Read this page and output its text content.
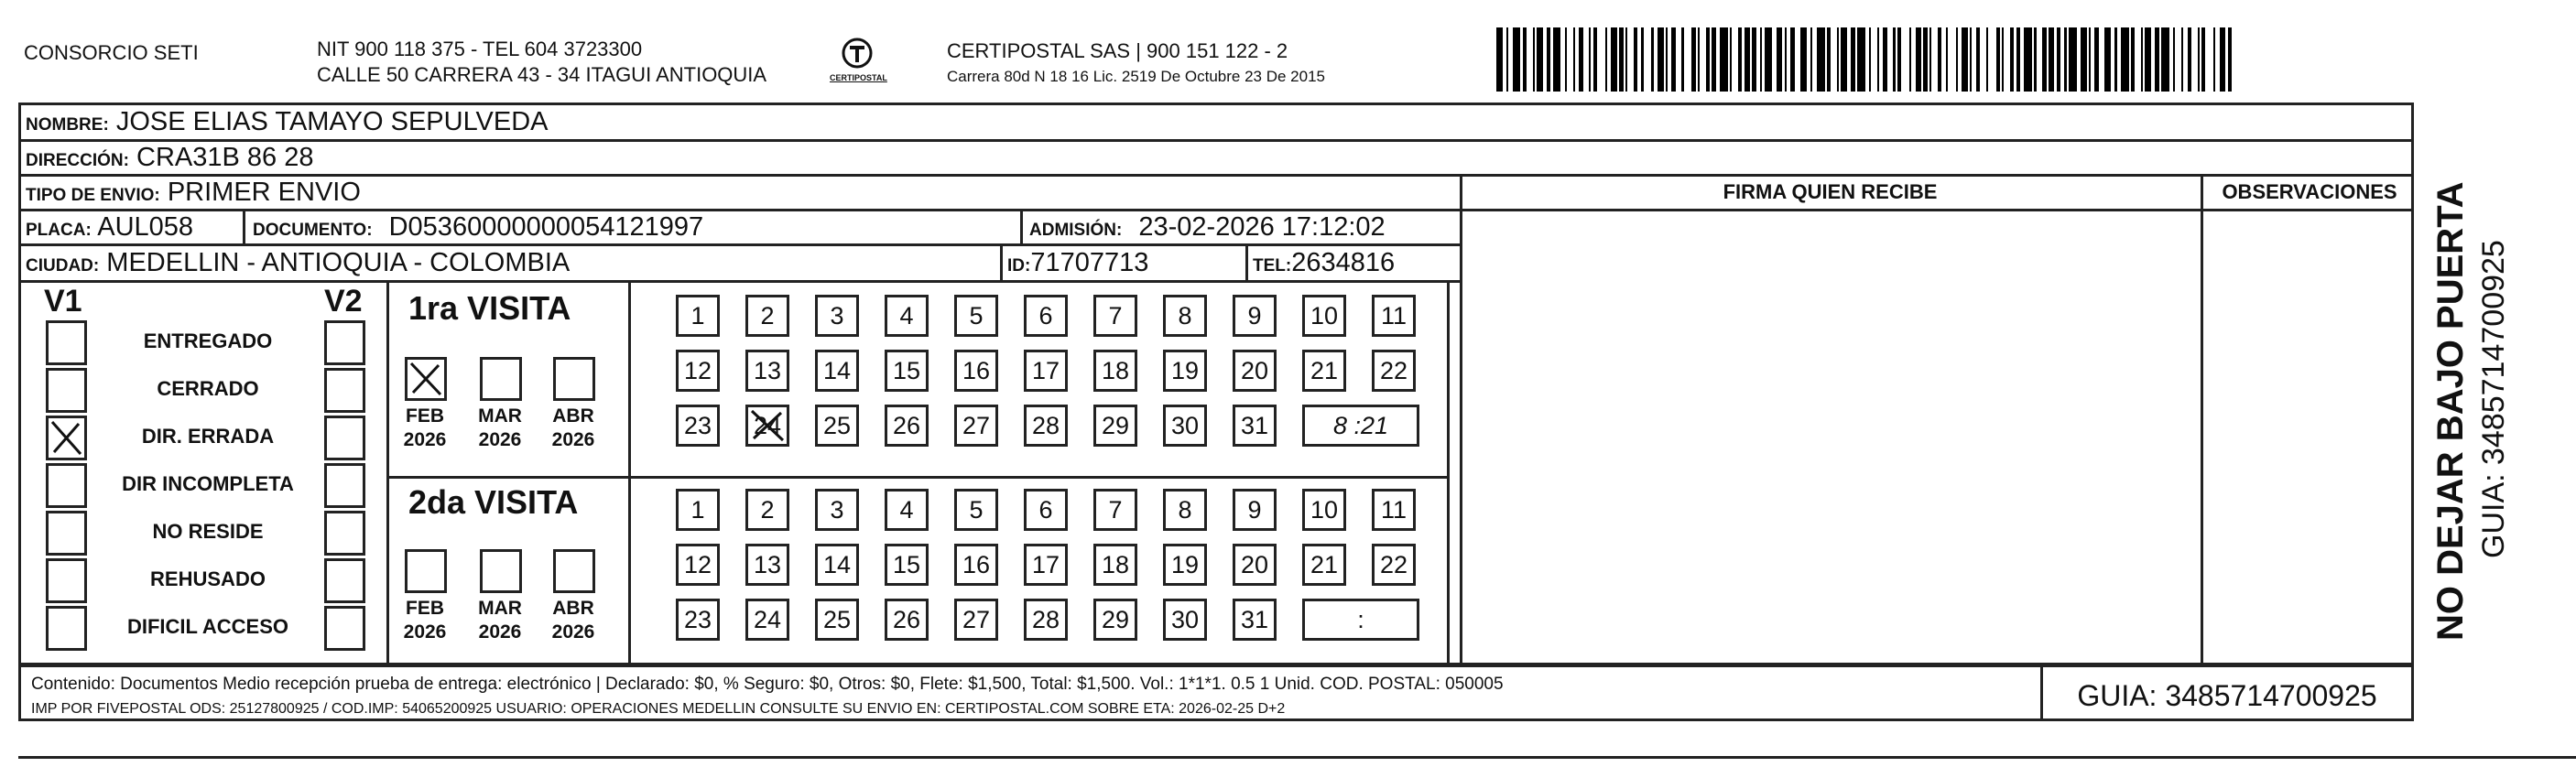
CONSORCIO SETI	NIT 900 118 375 - TEL 604 3723300
CALLE 50 CARRERA 43 - 34 ITAGUI ANTIOQUIA	CERTIPOSTAL
CERTIPOSTAL SAS | 900 151 122 - 2
Carrera 80d N 18 16 Lic. 2519 De Octubre 23 De 2015
NOMBRE: JOSE ELIAS TAMAYO SEPULVEDA
DIRECCIÓN: CRA31B 86 28
TIPO DE ENVIO: PRIMER ENVIO
PLACA: AUL058	DOCUMENTO: D05360000000054121997	ADMISIÓN: 23-02-2026 17:12:02
CIUDAD: MEDELLIN - ANTIOQUIA - COLOMBIA	ID:71707713	TEL:2634816
FIRMA QUIEN RECIBE	OBSERVACIONES
V1	V2
ENTREGADO
CERRADO
DIR. ERRADA
DIR INCOMPLETA
NO RESIDE
REHUSADO
DIFICIL ACCESO
1ra VISITA
2da VISITA
1	2	3	4	5	6	7	8	9	10	11
12	13	14	15	16	17	18	19	20	21	22
23	24	25	26	27	28	29	30	31	8 :21
1	2	3	4	5	6	7	8	9	10	11
12	13	14	15	16	17	18	19	20	21	22
23	24	25	26	27	28	29	30	31	:
FEB
2026
MAR
2026
ABR
2026
FEB
2026
MAR
2026
ABR
2026	NO DEJAR BAJO PUERTA GUIA: 3485714700925
Contenido: Documentos Medio recepción prueba de entrega: electrónico | Declarado: $0, % Seguro: $0, Otros: $0, Flete: $1,500, Total: $1,500. Vol.: 1*1*1. 0.5 1 Unid. COD. POSTAL: 050005
IMP POR FIVEPOSTAL ODS: 25127800925 / COD.IMP: 54065200925 USUARIO: OPERACIONES MEDELLIN CONSULTE SU ENVIO EN: CERTIPOSTAL.COM SOBRE ETA: 2026-02-25 D+2	GUIA: 3485714700925
